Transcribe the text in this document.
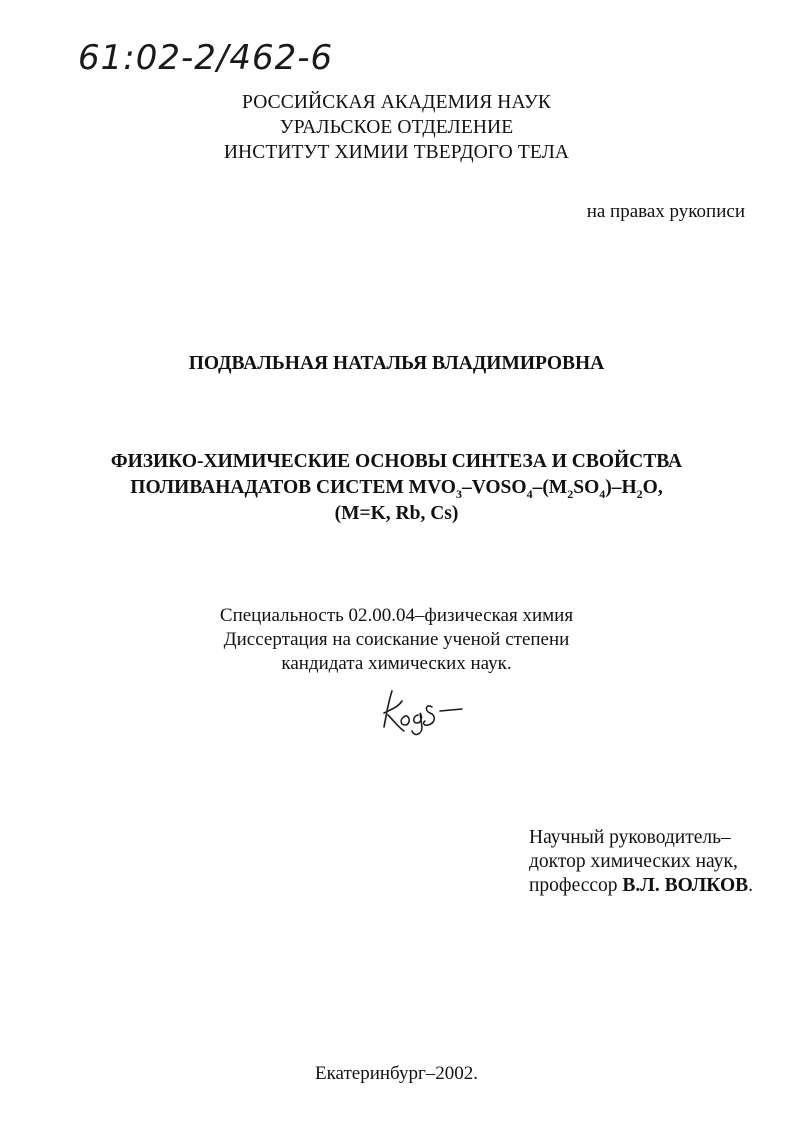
61:02-2/462-6
РОССИЙСКАЯ АКАДЕМИЯ НАУК
УРАЛЬСКОЕ ОТДЕЛЕНИЕ
ИНСТИТУТ ХИМИИ ТВЕРДОГО ТЕЛА
на правах рукописи
ПОДВАЛЬНАЯ НАТАЛЬЯ ВЛАДИМИРОВНА
ФИЗИКО-ХИМИЧЕСКИЕ ОСНОВЫ СИНТЕЗА И СВОЙСТВА
ПОЛИВАНАДАТОВ СИСТЕМ $MVO_3-VOSO_4-(M_2SO_4)-H_2O$,
(M=K, Rb, Cs)
Специальность 02.00.04–физическая химия
Диссертация на соискание ученой степени
кандидата химических наук.
Научный руководитель–
доктор химических наук,
профессор В.Л. ВОЛКОВ.
Екатеринбург–2002.
